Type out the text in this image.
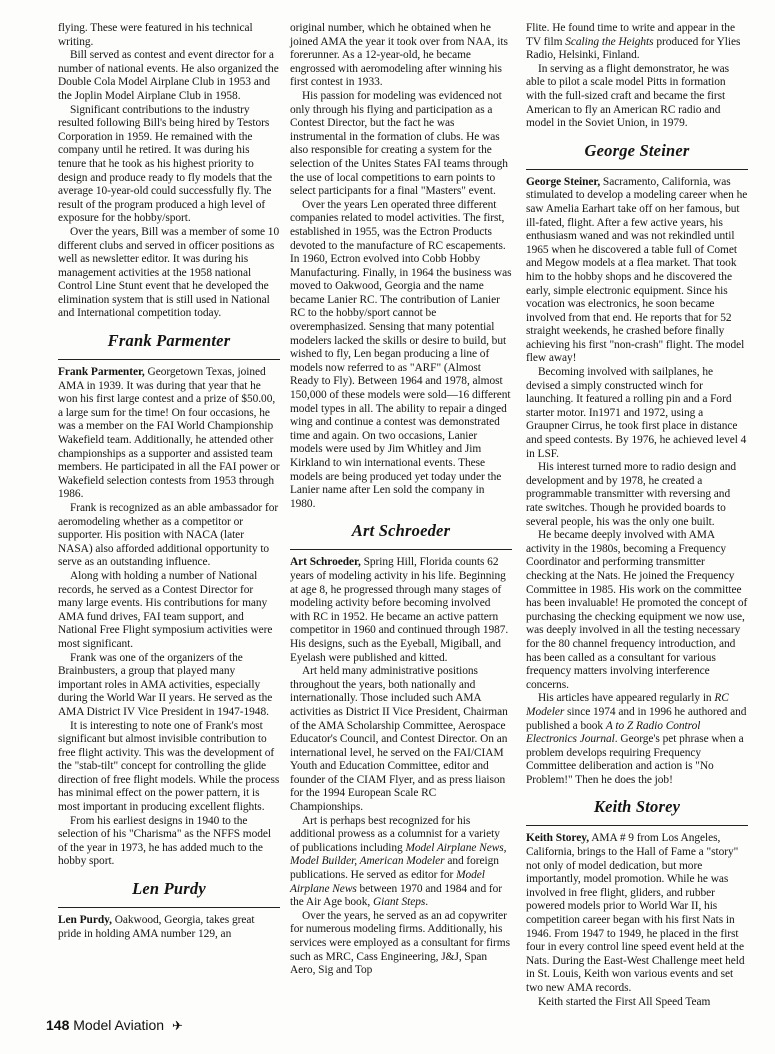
flying. These were featured in his technical writing.

Bill served as contest and event director for a number of national events. He also organized the Double Cola Model Airplane Club in 1953 and the Joplin Model Airplane Club in 1958.

Significant contributions to the industry resulted following Bill's being hired by Testors Corporation in 1959. He remained with the company until he retired. It was during his tenure that he took as his highest priority to design and produce ready to fly models that the average 10-year-old could successfully fly. The result of the program produced a high level of exposure for the hobby/sport.

Over the years, Bill was a member of some 10 different clubs and served in officer positions as well as newsletter editor. It was during his management activities at the 1958 national Control Line Stunt event that he developed the elimination system that is still used in National and International competition today.

Frank Parmenter

Frank Parmenter, Georgetown Texas, joined AMA in 1939. It was during that year that he won his first large contest and a prize of $50.00, a large sum for the time! On four occasions, he was a member on the FAI World Championship Wakefield team. Additionally, he attended other championships as a supporter and assisted team members. He participated in all the FAI power or Wakefield selection contests from 1953 through 1986.

Frank is recognized as an able ambassador for aeromodeling whether as a competitor or supporter. His position with NACA (later NASA) also afforded additional opportunity to serve as an outstanding influence.

Along with holding a number of National records, he served as a Contest Director for many large events. His contributions for many AMA fund drives, FAI team support, and National Free Flight symposium activities were most significant.

Frank was one of the organizers of the Brainbusters, a group that played many important roles in AMA activities, especially during the World War II years. He served as the AMA District IV Vice President in 1947-1948.

It is interesting to note one of Frank's most significant but almost invisible contribution to free flight activity. This was the development of the "stab-tilt" concept for controlling the glide direction of free flight models. While the process has minimal effect on the power pattern, it is most important in producing excellent flights.

From his earliest designs in 1940 to the selection of his "Charisma" as the NFFS model of the year in 1973, he has added much to the hobby sport.

Len Purdy

Len Purdy, Oakwood, Georgia, takes great pride in holding AMA number 129, an

original number, which he obtained when he joined AMA the year it took over from NAA, its forerunner. As a 12-year-old, he became engrossed with aeromodeling after winning his first contest in 1933.

His passion for modeling was evidenced not only through his flying and participation as a Contest Director, but the fact he was instrumental in the formation of clubs. He was also responsible for creating a system for the selection of the Unites States FAI teams through the use of local competitions to earn points to select participants for a final "Masters" event.

Over the years Len operated three different companies related to model activities. The first, established in 1955, was the Ectron Products devoted to the manufacture of RC escapements. In 1960, Ectron evolved into Cobb Hobby Manufacturing. Finally, in 1964 the business was moved to Oakwood, Georgia and the name became Lanier RC. The contribution of Lanier RC to the hobby/sport cannot be overemphasized. Sensing that many potential modelers lacked the skills or desire to build, but wished to fly, Len began producing a line of models now referred to as "ARF" (Almost Ready to Fly). Between 1964 and 1978, almost 150,000 of these models were sold—16 different model types in all. The ability to repair a dinged wing and continue a contest was demonstrated time and again. On two occasions, Lanier models were used by Jim Whitley and Jim Kirkland to win international events. These models are being produced yet today under the Lanier name after Len sold the company in 1980.

Art Schroeder

Art Schroeder, Spring Hill, Florida counts 62 years of modeling activity in his life. Beginning at age 8, he progressed through many stages of modeling activity before becoming involved with RC in 1952. He became an active pattern competitor in 1960 and continued through 1987. His designs, such as the Eyeball, Migiball, and Eyelash were published and kitted.

Art held many administrative positions throughout the years, both nationally and internationally. Those included such AMA activities as District II Vice President, Chairman of the AMA Scholarship Committee, Aerospace Educator's Council, and Contest Director. On an international level, he served on the FAI/CIAM Youth and Education Committee, editor and founder of the CIAM Flyer, and as press liaison for the 1994 European Scale RC Championships.

Art is perhaps best recognized for his additional prowess as a columnist for a variety of publications including Model Airplane News, Model Builder, American Modeler and foreign publications. He served as editor for Model Airplane News between 1970 and 1984 and for the Air Age book, Giant Steps.

Over the years, he served as an ad copywriter for numerous modeling firms. Additionally, his services were employed as a consultant for firms such as MRC, Cass Engineering, J&J, Span Aero, Sig and Top

Flite. He found time to write and appear in the TV film Scaling the Heights produced for Ylies Radio, Helsinki, Finland.

In serving as a flight demonstrator, he was able to pilot a scale model Pitts in formation with the full-sized craft and became the first American to fly an American RC radio and model in the Soviet Union, in 1979.

George Steiner

George Steiner, Sacramento, California, was stimulated to develop a modeling career when he saw Amelia Earhart take off on her famous, but ill-fated, flight. After a few active years, his enthusiasm waned and was not rekindled until 1965 when he discovered a table full of Comet and Megow models at a flea market. That took him to the hobby shops and he discovered the early, simple electronic equipment. Since his vocation was electronics, he soon became involved from that end. He reports that for 52 straight weekends, he crashed before finally achieving his first "non-crash" flight. The model flew away!

Becoming involved with sailplanes, he devised a simply constructed winch for launching. It featured a rolling pin and a Ford starter motor. In1971 and 1972, using a Graupner Cirrus, he took first place in distance and speed contests. By 1976, he achieved level 4 in LSF.

His interest turned more to radio design and development and by 1978, he created a programmable transmitter with reversing and rate switches. Though he provided boards to several people, his was the only one built.

He became deeply involved with AMA activity in the 1980s, becoming a Frequency Coordinator and performing transmitter checking at the Nats. He joined the Frequency Committee in 1985. His work on the committee has been invaluable! He promoted the concept of purchasing the checking equipment we now use, was deeply involved in all the testing necessary for the 80 channel frequency introduction, and has been called as a consultant for various frequency matters involving interference concerns.

His articles have appeared regularly in RC Modeler since 1974 and in 1996 he authored and published a book A to Z Radio Control Electronics Journal. George's pet phrase when a problem develops requiring Frequency Committee deliberation and action is "No Problem!" Then he does the job!

Keith Storey

Keith Storey, AMA # 9 from Los Angeles, California, brings to the Hall of Fame a "story" not only of model dedication, but more importantly, model promotion. While he was involved in free flight, gliders, and rubber powered models prior to World War II, his competition career began with his first Nats in 1946. From 1947 to 1949, he placed in the first four in every control line speed event held at the Nats. During the East-West Challenge meet held in St. Louis, Keith won various events and set two new AMA records.

Keith started the First All Speed Team

148 Model Aviation ✈
